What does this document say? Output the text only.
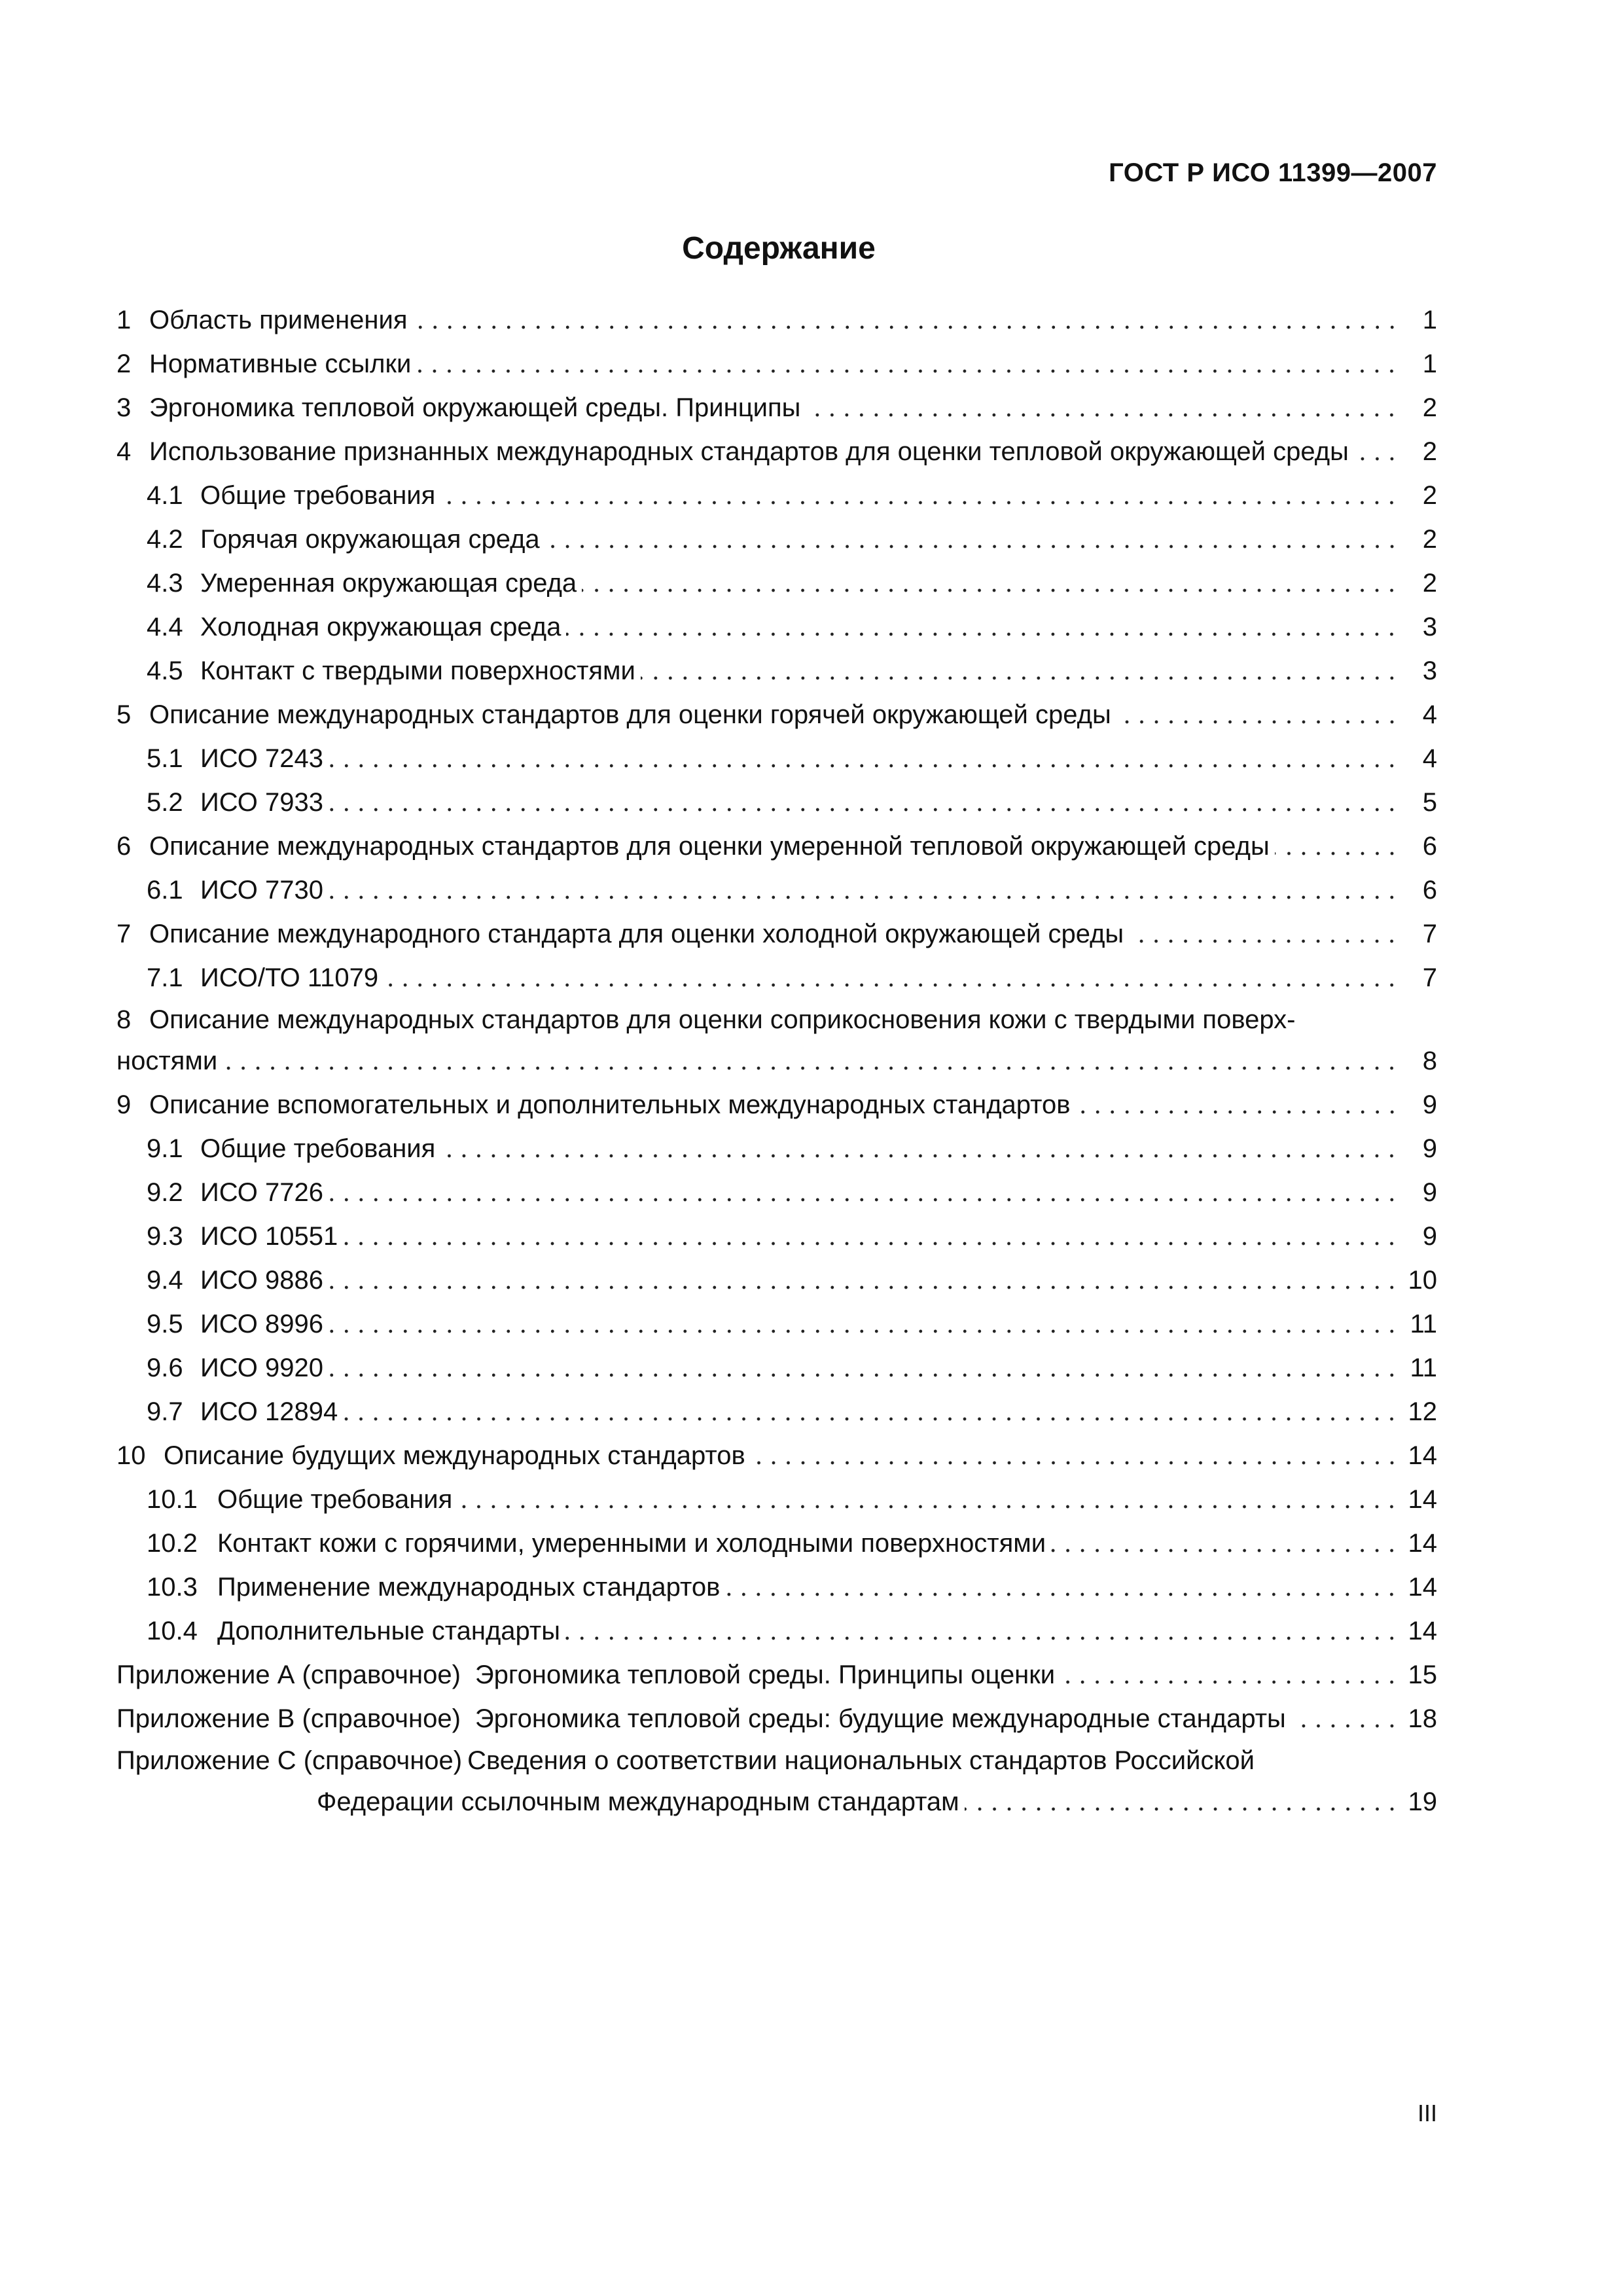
ГОСТ Р ИСО 11399—2007
Содержание
1 Область применения	1
2 Нормативные ссылки	1
3 Эргономика тепловой окружающей среды. Принципы	2
4 Использование признанных международных стандартов для оценки тепловой окружающей среды	2
4.1 Общие требования	2
4.2 Горячая окружающая среда	2
4.3 Умеренная окружающая среда	2
4.4 Холодная окружающая среда	3
4.5 Контакт с твердыми поверхностями	3
5 Описание международных стандартов для оценки горячей окружающей среды	4
5.1 ИСО 7243	4
5.2 ИСО 7933	5
6 Описание международных стандартов для оценки умеренной тепловой окружающей среды	6
6.1 ИСО 7730	6
7 Описание международного стандарта для оценки холодной окружающей среды	7
7.1 ИСО/ТО 11079	7
8 Описание международных стандартов для оценки соприкосновения кожи с твердыми поверх-
ностями	8
9 Описание вспомогательных и дополнительных международных стандартов	9
9.1 Общие требования	9
9.2 ИСО 7726	9
9.3 ИСО 10551	9
9.4 ИСО 9886	10
9.5 ИСО 8996	11
9.6 ИСО 9920	11
9.7 ИСО 12894	12
10 Описание будущих международных стандартов	14
10.1 Общие требования	14
10.2 Контакт кожи с горячими, умеренными и холодными поверхностями	14
10.3 Применение международных стандартов	14
10.4 Дополнительные стандарты	14
Приложение А (справочное) Эргономика тепловой среды. Принципы оценки	15
Приложение В (справочное) Эргономика тепловой среды: будущие международные стандарты	18
Приложение С (справочное) Сведения о соответствии национальных стандартов Российской
Федерации ссылочным международным стандартам	19
III
